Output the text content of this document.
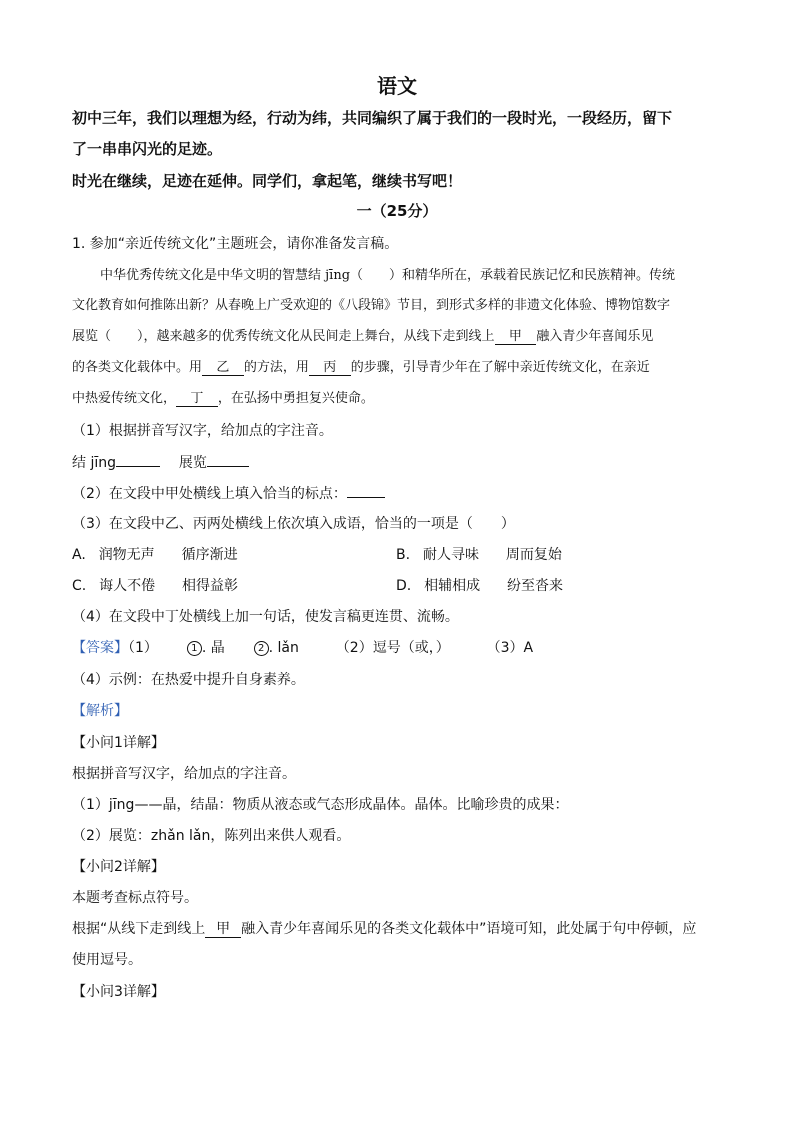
语文
初中三年，我们以理想为经，行动为纬，共同编织了属于我们的一段时光，一段经历，留下
了一串串闪光的足迹。
时光在继续，足迹在延伸。同学们，拿起笔，继续书写吧！
一（25分）
1. 参加“亲近传统文化”主题班会，请你准备发言稿。
中华优秀传统文化是中华文明的智慧结 jīng（　　）和精华所在，承载着民族记忆和民族精神。传统
文化教育如何推陈出新？从春晚上广受欢迎的《八段锦》节目，到形式多样的非遗文化体验、博物馆数字
展览（　　），越来越多的优秀传统文化从民间走上舞台，从线下走到线上 甲 融入青少年喜闻乐见
的各类文化载体中。用 乙 的方法，用 丙 的步骤，引导青少年在了解中亲近传统文化，在亲近
中热爱传统文化， 丁 ，在弘扬中勇担复兴使命。
（1）根据拼音写汉字，给加点的字注音。
结 jīng	展览
（2）在文段中甲处横线上填入恰当的标点：
（3）在文段中乙、丙两处横线上依次填入成语，恰当的一项是（　　）
A. 润物无声 循序渐进	B. 耐人寻味 周而复始
C. 诲人不倦 相得益彰	D. 相辅相成 纷至沓来
（4）在文段中丁处横线上加一句话，使发言稿更连贯、流畅。
【答案】（1）	1 . 晶	2 . lǎn	（2）逗号（或，）	（3）A
（4）示例：在热爱中提升自身素养。
【解析】
【小问1详解】
根据拼音写汉字，给加点的字注音。
（1）jīng——晶，结晶：物质从液态或气态形成晶体。晶体。比喻珍贵的成果：
（2）展览：zhǎn lǎn，陈列出来供人观看。
【小问2详解】
本题考查标点符号。
根据“从线下走到线上 甲 融入青少年喜闻乐见的各类文化载体中”语境可知，此处属于句中停顿，应
使用逗号。
【小问3详解】
